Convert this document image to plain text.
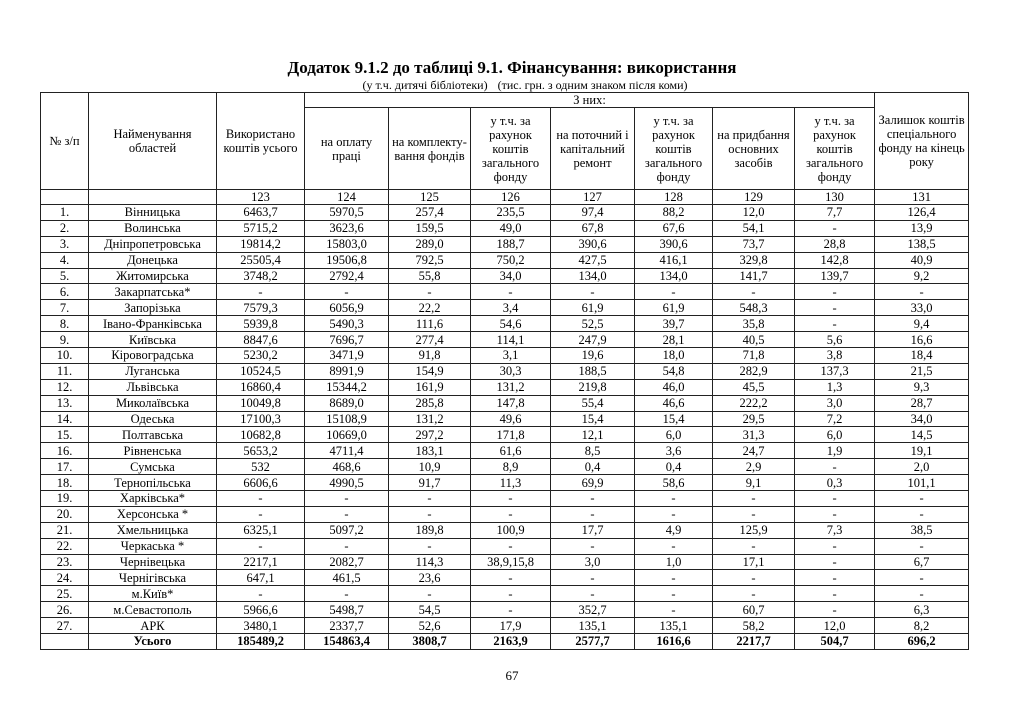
Додаток 9.1.2 до таблиці 9.1. Фінансування: використання
(у т.ч. дитячі бібліотеки) (тис. грн. з одним знаком після коми)
№ з/п	Найменування областей	Використано коштів усього	З них:							Залишок коштів спеціального фонду на кінець року
			на оплату праці	на комплекту-вання фондів	у т.ч. за рахунок коштів загального фонду	на поточний і капітальний ремонт	у т.ч. за рахунок коштів загального фонду	на придбання основних засобів	у т.ч. за рахунок коштів загального фонду	
		123	124	125	126	127	128	129	130	131
1.	Вінницька	6463,7	5970,5	257,4	235,5	97,4	88,2	12,0	7,7	126,4
2.	Волинська	5715,2	3623,6	159,5	49,0	67,8	67,6	54,1	-	13,9
3.	Дніпропетровська	19814,2	15803,0	289,0	188,7	390,6	390,6	73,7	28,8	138,5
4.	Донецька	25505,4	19506,8	792,5	750,2	427,5	416,1	329,8	142,8	40,9
5.	Житомирська	3748,2	2792,4	55,8	34,0	134,0	134,0	141,7	139,7	9,2
6.	Закарпатська*	-	-	-	-	-	-	-	-	-
7.	Запорізька	7579,3	6056,9	22,2	3,4	61,9	61,9	548,3	-	33,0
8.	Івано-Франківська	5939,8	5490,3	111,6	54,6	52,5	39,7	35,8	-	9,4
9.	Київська	8847,6	7696,7	277,4	114,1	247,9	28,1	40,5	5,6	16,6
10.	Кіровоградська	5230,2	3471,9	91,8	3,1	19,6	18,0	71,8	3,8	18,4
11.	Луганська	10524,5	8991,9	154,9	30,3	188,5	54,8	282,9	137,3	21,5
12.	Львівська	16860,4	15344,2	161,9	131,2	219,8	46,0	45,5	1,3	9,3
13.	Миколаївська	10049,8	8689,0	285,8	147,8	55,4	46,6	222,2	3,0	28,7
14.	Одеська	17100,3	15108,9	131,2	49,6	15,4	15,4	29,5	7,2	34,0
15.	Полтавська	10682,8	10669,0	297,2	171,8	12,1	6,0	31,3	6,0	14,5
16.	Рівненська	5653,2	4711,4	183,1	61,6	8,5	3,6	24,7	1,9	19,1
17.	Сумська	532	468,6	10,9	8,9	0,4	0,4	2,9	-	2,0
18.	Тернопільська	6606,6	4990,5	91,7	11,3	69,9	58,6	9,1	0,3	101,1
19.	Харківська*	-	-	-	-	-	-	-	-	-
20.	Херсонська *	-	-	-	-	-	-	-	-	-
21.	Хмельницька	6325,1	5097,2	189,8	100,9	17,7	4,9	125,9	7,3	38,5
22.	Черкаська *	-	-	-	-	-	-	-	-	-
23.	Чернівецька	2217,1	2082,7	114,3	38,9,15,8	3,0	1,0	17,1	-	6,7
24.	Чернігівська	647,1	461,5	23,6	-	-	-	-	-	-
25.	м.Київ*	-	-	-	-	-	-	-	-	-
26.	м.Севастополь	5966,6	5498,7	54,5	-	352,7	-	60,7	-	6,3
27.	АРК	3480,1	2337,7	52,6	17,9	135,1	135,1	58,2	12,0	8,2
	Усього	185489,2	154863,4	3808,7	2163,9	2577,7	1616,6	2217,7	504,7	696,2
67
